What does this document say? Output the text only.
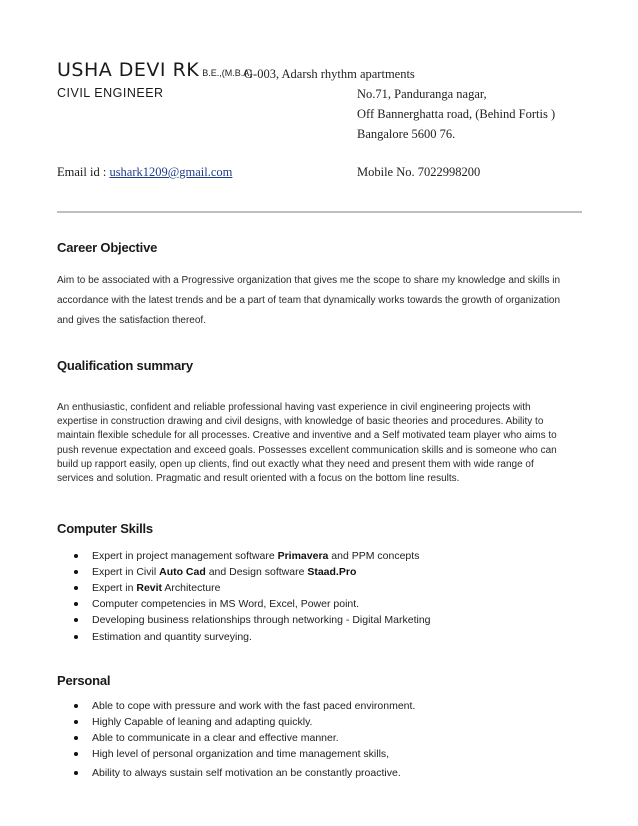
USHA DEVI RK B.E.,(M.B.A)
G-003, Adarsh rhythm apartments
CIVIL ENGINEER	No.71, Panduranga nagar,
Off Bannerghatta road, (Behind Fortis )
Bangalore 5600 76.
Email id : ushark1209@gmail.com	Mobile No. 7022998200
Career Objective
Aim to be associated with a Progressive organization that gives me the scope to share my knowledge and skills in
accordance with the latest trends and be a part of team that dynamically works towards the growth of organization
and gives the satisfaction thereof.
Qualification summary
An enthusiastic, confident and reliable professional having vast experience in civil engineering projects with
expertise in construction drawing and civil designs, with knowledge of basic theories and procedures. Ability to
maintain flexible schedule for all processes. Creative and inventive and a Self motivated team player who aims to
push revenue expectation and exceed goals. Possesses excellent communication skills and is someone who can
build up rapport easily, open up clients, find out exactly what they need and present them with wide range of
services and solution. Pragmatic and result oriented with a focus on the bottom line results.
Computer Skills
Expert in project management software Primavera and PPM concepts
Expert in Civil Auto Cad and Design software Staad.Pro
Expert in Revit Architecture
Computer competencies in MS Word, Excel, Power point.
Developing business relationships through networking - Digital Marketing
Estimation and quantity surveying.
Personal
Able to cope with pressure and work with the fast paced environment.
Highly Capable of leaning and adapting quickly.
Able to communicate in a clear and effective manner.
High level of personal organization and time management skills,
Ability to always sustain self motivation an be constantly proactive.
